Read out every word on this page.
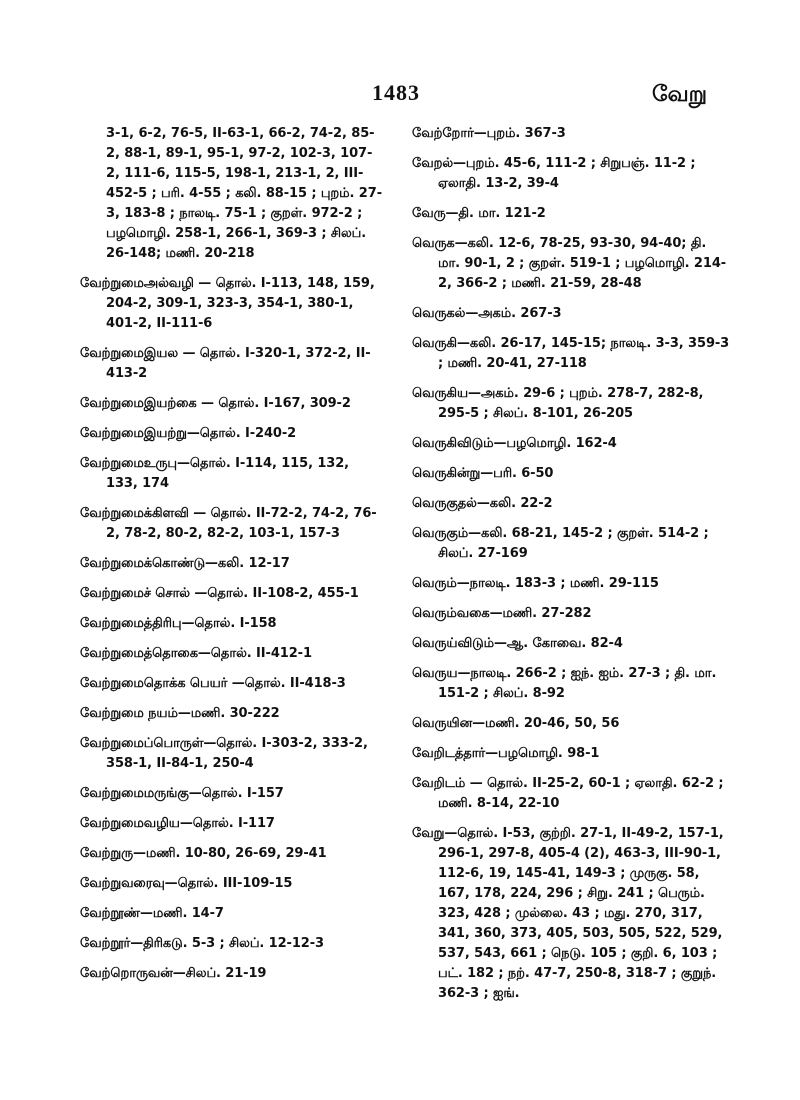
1483	வேறு
3-1, 6-2, 76-5, II-63-1, 66-2, 74-2, 85-2, 88-1, 89-1, 95-1, 97-2, 102-3, 107-2, 111-6, 115-5, 198-1, 213-1, 2, III-452-5 ; பரி. 4-55 ; கலி. 88-15 ; புறம். 27-3, 183-8 ; நாலடி. 75-1 ; குறள். 972-2 ; பழமொழி. 258-1, 266-1, 369-3 ; சிலப். 26-148; மணி. 20-218
வேற்றுமைஅல்வழி — தொல். I-113, 148, 159, 204-2, 309-1, 323-3, 354-1, 380-1, 401-2, II-111-6
வேற்றுமைஇயல — தொல். I-320-1, 372-2, II-413-2
வேற்றுமைஇயற்கை — தொல். I-167, 309-2
வேற்றுமைஇயற்று—தொல். I-240-2
வேற்றுமைஉருபு—தொல். I-114, 115, 132, 133, 174
வேற்றுமைக்கிளவி — தொல். II-72-2, 74-2, 76-2, 78-2, 80-2, 82-2, 103-1, 157-3
வேற்றுமைக்கொண்டு—கலி. 12-17
வேற்றுமைச் சொல் —தொல். II-108-2, 455-1
வேற்றுமைத்திரிபு—தொல். I-158
வேற்றுமைத்தொகை—தொல். II-412-1
வேற்றுமைதொக்க பெயர் —தொல். II-418-3
வேற்றுமை நயம்—மணி. 30-222
வேற்றுமைப்பொருள்—தொல். I-303-2, 333-2, 358-1, II-84-1, 250-4
வேற்றுமைமருங்கு—தொல். I-157
வேற்றுமைவழிய—தொல். I-117
வேற்றுரு—மணி. 10-80, 26-69, 29-41
வேற்றுவரைவு—தொல். III-109-15
வேற்றூண்—மணி. 14-7
வேற்றூர்—திரிகடு. 5-3 ; சிலப். 12-12-3
வேற்றொருவன்—சிலப். 21-19
வேற்றோர்—புறம். 367-3
வேறல்—புறம். 45-6, 111-2 ; சிறுபஞ். 11-2 ; ஏலாதி. 13-2, 39-4
வேரு—தி. மா. 121-2
வெருக—கலி. 12-6, 78-25, 93-30, 94-40; தி. மா. 90-1, 2 ; குறள். 519-1 ; பழமொழி. 214-2, 366-2 ; மணி. 21-59, 28-48
வெருகல்—அகம். 267-3
வெருகி—கலி. 26-17, 145-15; நாலடி. 3-3, 359-3 ; மணி. 20-41, 27-118
வெருகிய—அகம். 29-6 ; புறம். 278-7, 282-8, 295-5 ; சிலப். 8-101, 26-205
வெருகிவிடும்—பழமொழி. 162-4
வெருகின்று—பரி. 6-50
வெருகுதல்—கலி. 22-2
வெருகும்—கலி. 68-21, 145-2 ; குறள். 514-2 ; சிலப். 27-169
வெரும்—நாலடி. 183-3 ; மணி. 29-115
வெரும்வகை—மணி. 27-282
வெருய்விடும்—ஆ. கோவை. 82-4
வெருய—நாலடி. 266-2 ; ஐந். ஐம். 27-3 ; தி. மா. 151-2 ; சிலப். 8-92
வெருயின—மணி. 20-46, 50, 56
வேறிடத்தார்—பழமொழி. 98-1
வேறிடம் — தொல். II-25-2, 60-1 ; ஏலாதி. 62-2 ; மணி. 8-14, 22-10
வேறு—தொல். I-53, குற்றி. 27-1, II-49-2, 157-1, 296-1, 297-8, 405-4 (2), 463-3, III-90-1, 112-6, 19, 145-41, 149-3 ; முருகு. 58, 167, 178, 224, 296 ; சிறு. 241 ; பெரும். 323, 428 ; முல்லை. 43 ; மது. 270, 317, 341, 360, 373, 405, 503, 505, 522, 529, 537, 543, 661 ; நெடு. 105 ; குறி. 6, 103 ; பட். 182 ; நற். 47-7, 250-8, 318-7 ; குறுந். 362-3 ; ஐங்.
